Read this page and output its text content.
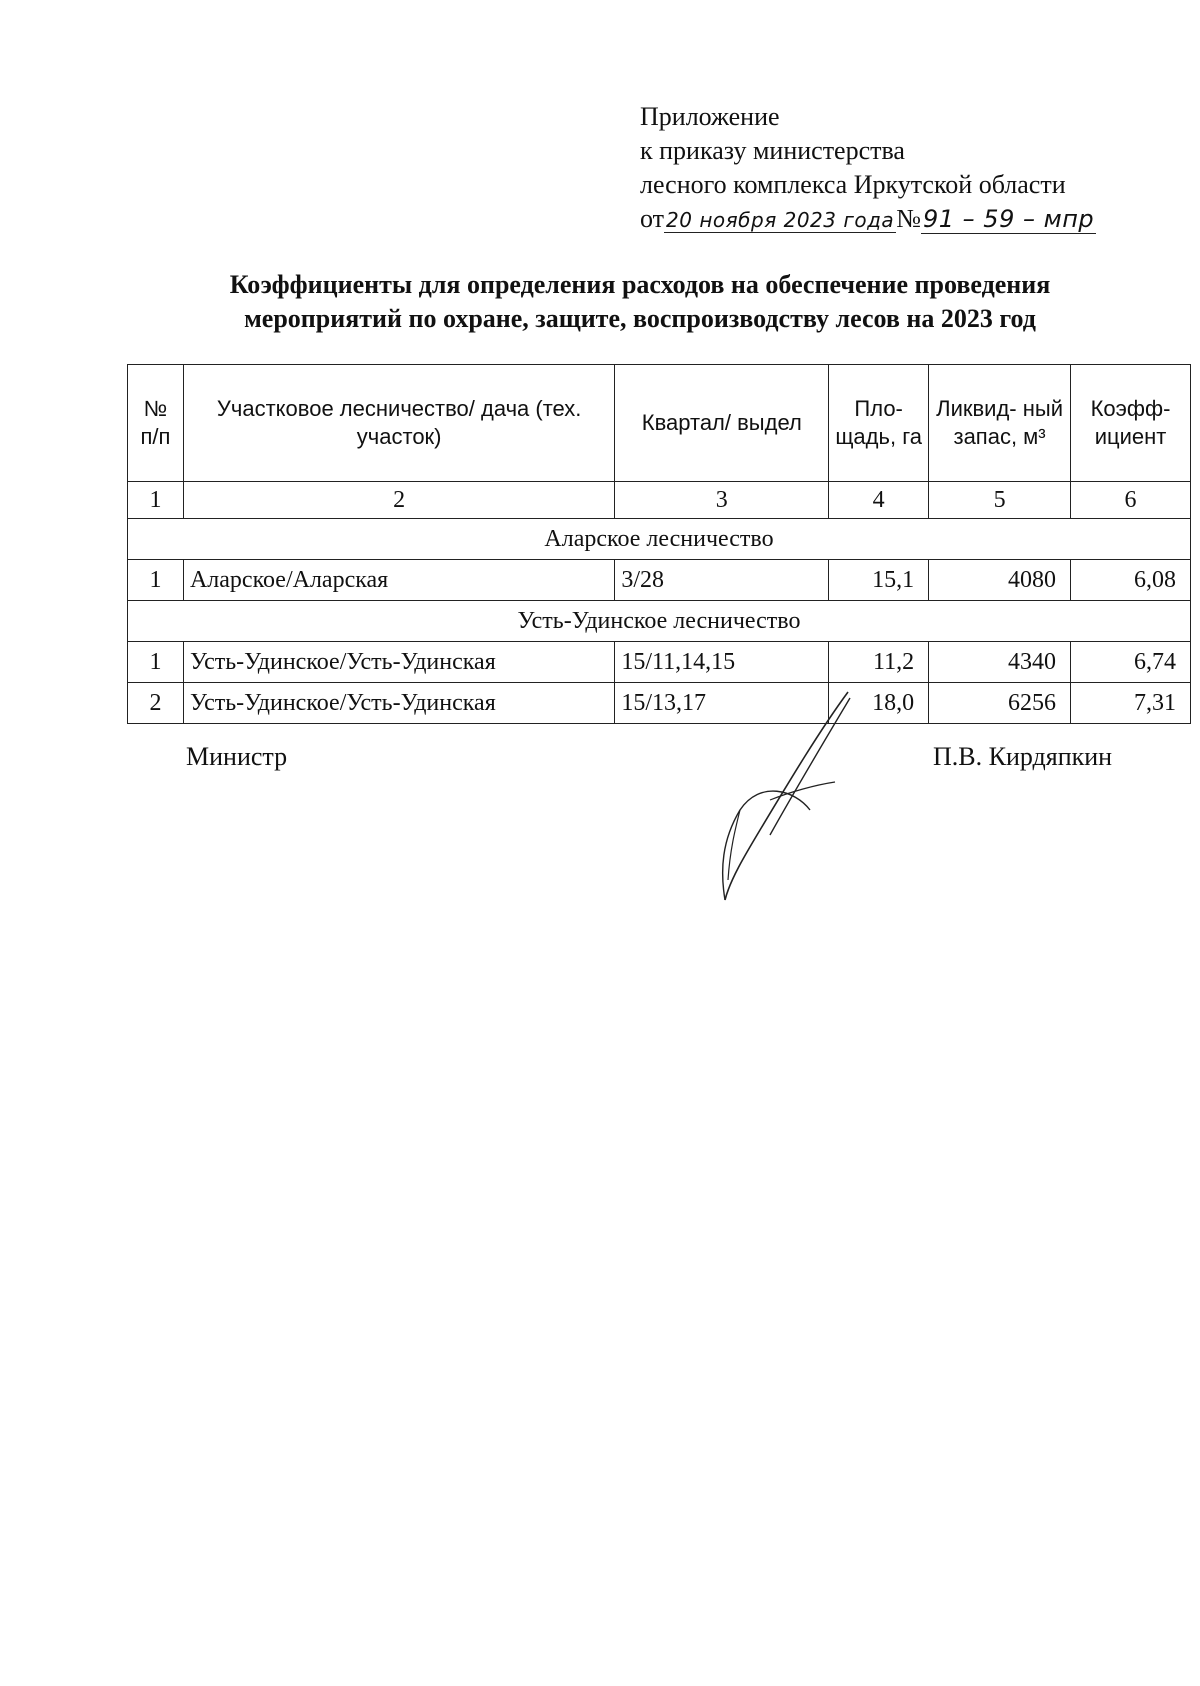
Приложение
к приказу министерства
лесного комплекса Иркутской области
от 20 ноября 2023 года№91 – 59 – мпр
Коэффициенты для определения расходов на обеспечение проведения
мероприятий по охране, защите, воспроизводству лесов на 2023 год
№ п/п	Участковое лесничество/ дача (тех. участок)	Квартал/ выдел	Пло- щадь, га	Ликвид- ный запас, м³	Коэфф- ициент
1	2	3	4	5	6
Аларское лесничество					
1	Аларское/Аларская	3/28	15,1	4080	6,08
Усть-Удинское лесничество					
1	Усть-Удинское/Усть-Удинская	15/11,14,15	11,2	4340	6,74
2	Усть-Удинское/Усть-Удинская	15/13,17	18,0	6256	7,31
Министр	П.В. Кирдяпкин
